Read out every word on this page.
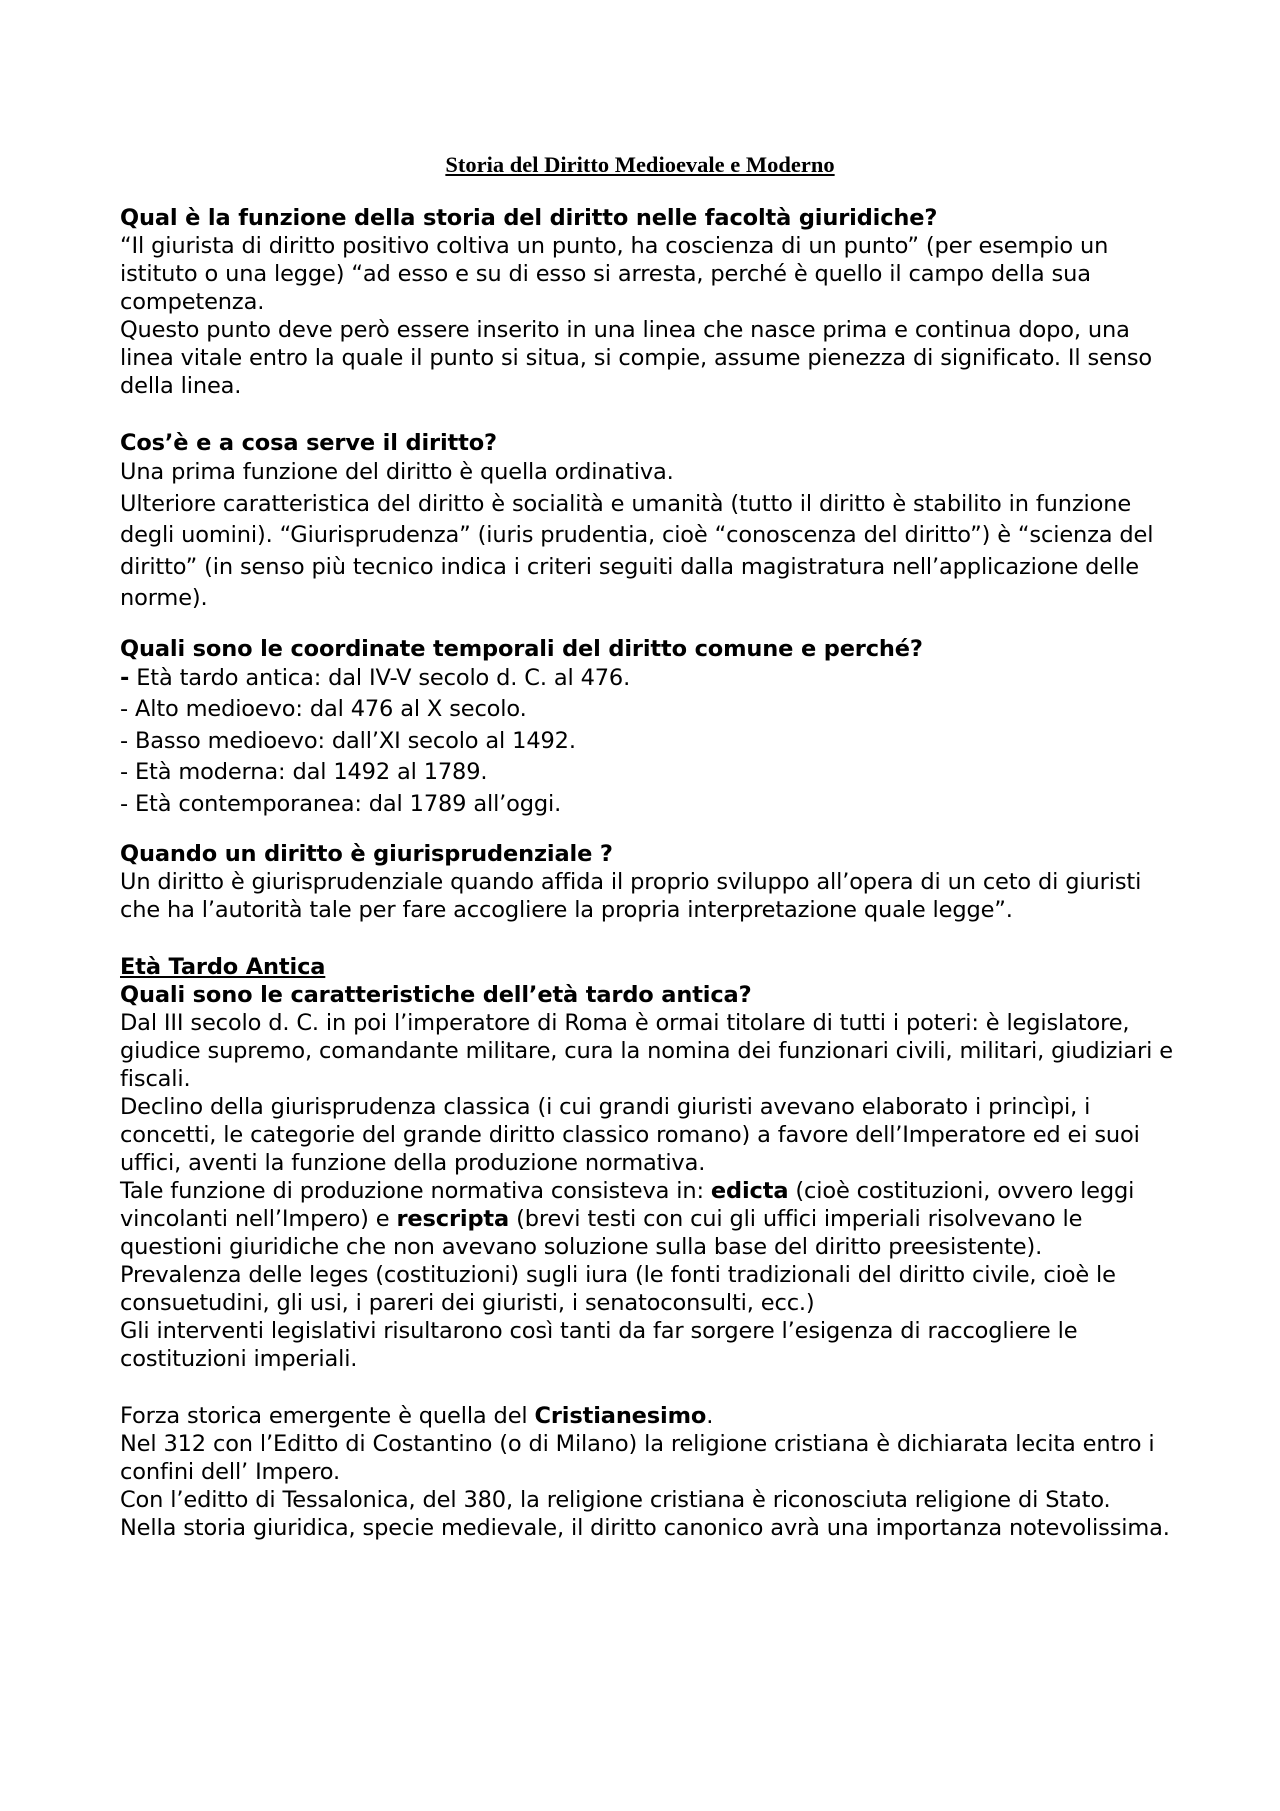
Storia del Diritto Medioevale e Moderno

Qual è la funzione della storia del diritto nelle facoltà giuridiche?

“Il giurista di diritto positivo coltiva un punto, ha coscienza di un punto” (per esempio un istituto o una legge) “ad esso e su di esso si arresta, perché è quello il campo della sua competenza.

Questo punto deve però essere inserito in una linea che nasce prima e continua dopo, una linea vitale entro la quale il punto si situa, si compie, assume pienezza di significato. Il senso della linea.

Cos’è e a cosa serve il diritto?

Una prima funzione del diritto è quella ordinativa.

Ulteriore caratteristica del diritto è socialità e umanità (tutto il diritto è stabilito in funzione degli uomini). “Giurisprudenza” (iuris prudentia, cioè “conoscenza del diritto”) è “scienza del diritto” (in senso più tecnico indica i criteri seguiti dalla magistratura nell’applicazione delle norme).

Quali sono le coordinate temporali del diritto comune e perché?

- Età tardo antica: dal IV-V secolo d. C. al 476.

- Alto medioevo: dal 476 al X secolo.

- Basso medioevo: dall’XI secolo al 1492.

- Età moderna: dal 1492 al 1789.

- Età contemporanea: dal 1789 all’oggi.

Quando un diritto è giurisprudenziale ?

Un diritto è giurisprudenziale quando affida il proprio sviluppo all’opera di un ceto di giuristi che ha l’autorità tale per fare accogliere la propria interpretazione quale legge”.

Età Tardo Antica

Quali sono le caratteristiche dell’età tardo antica?

Dal III secolo d. C. in poi l’imperatore di Roma è ormai titolare di tutti i poteri: è legislatore, giudice supremo, comandante militare, cura la nomina dei funzionari civili, militari, giudiziari e fiscali.

Declino della giurisprudenza classica (i cui grandi giuristi avevano elaborato i princìpi, i concetti, le categorie del grande diritto classico romano) a favore dell’Imperatore ed ei suoi uffici, aventi la funzione della produzione normativa.

Tale funzione di produzione normativa consisteva in: edicta (cioè costituzioni, ovvero leggi vincolanti nell’Impero) e rescripta (brevi testi con cui gli uffici imperiali risolvevano le questioni giuridiche che non avevano soluzione sulla base del diritto preesistente).

Prevalenza delle leges (costituzioni) sugli iura (le fonti tradizionali del diritto civile, cioè le consuetudini, gli usi, i pareri dei giuristi, i senatoconsulti, ecc.)

Gli interventi legislativi risultarono così tanti da far sorgere l’esigenza di raccogliere le costituzioni imperiali.

Forza storica emergente è quella del Cristianesimo.

Nel 312 con l’Editto di Costantino (o di Milano) la religione cristiana è dichiarata lecita entro i confini dell’ Impero.

Con l’editto di Tessalonica, del 380, la religione cristiana è riconosciuta religione di Stato.

Nella storia giuridica, specie medievale, il diritto canonico avrà una importanza notevolissima.
